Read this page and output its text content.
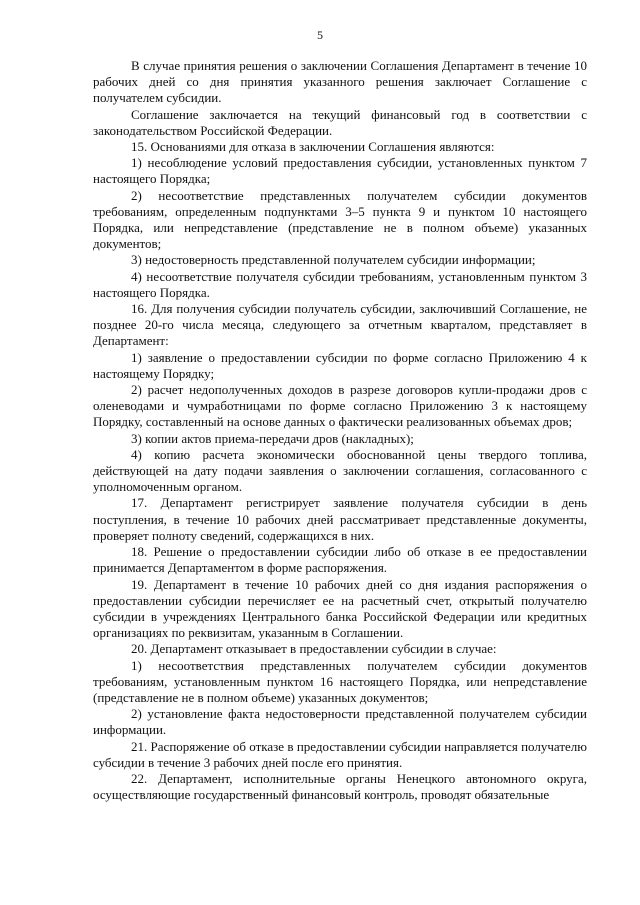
5

В случае принятия решения о заключении Соглашения Департамент в течение 10 рабочих дней со дня принятия указанного решения заключает Соглашение с получателем субсидии.

Соглашение заключается на текущий финансовый год в соответствии с законодательством Российской Федерации.

15. Основаниями для отказа в заключении Соглашения являются:

1) несоблюдение условий предоставления субсидии, установленных пунктом 7 настоящего Порядка;

2) несоответствие представленных получателем субсидии документов требованиям, определенным подпунктами 3–5 пункта 9 и пунктом 10 настоящего Порядка, или непредставление (представление не в полном объеме) указанных документов;

3) недостоверность представленной получателем субсидии информации;

4) несоответствие получателя субсидии требованиям, установленным пунктом 3 настоящего Порядка.

16. Для получения субсидии получатель субсидии, заключивший Соглашение, не позднее 20-го числа месяца, следующего за отчетным кварталом, представляет в Департамент:

1) заявление о предоставлении субсидии по форме согласно Приложению 4 к настоящему Порядку;

2) расчет недополученных доходов в разрезе договоров купли-продажи дров с оленеводами и чумработницами по форме согласно Приложению 3 к настоящему Порядку, составленный на основе данных о фактически реализованных объемах дров;

3) копии актов приема-передачи дров (накладных);

4) копию расчета экономически обоснованной цены твердого топлива, действующей на дату подачи заявления о заключении соглашения, согласованного с уполномоченным органом.

17. Департамент регистрирует заявление получателя субсидии в день поступления, в течение 10 рабочих дней рассматривает представленные документы, проверяет полноту сведений, содержащихся в них.

18. Решение о предоставлении субсидии либо об отказе в ее предоставлении принимается Департаментом в форме распоряжения.

19. Департамент в течение 10 рабочих дней со дня издания распоряжения о предоставлении субсидии перечисляет ее на расчетный счет, открытый получателю субсидии в учреждениях Центрального банка Российской Федерации или кредитных организациях по реквизитам, указанным в Соглашении.

20. Департамент отказывает в предоставлении субсидии в случае:

1) несоответствия представленных получателем субсидии документов требованиям, установленным пунктом 16 настоящего Порядка, или непредставление (представление не в полном объеме) указанных документов;

2) установление факта недостоверности представленной получателем субсидии информации.

21. Распоряжение об отказе в предоставлении субсидии направляется получателю субсидии в течение 3 рабочих дней после его принятия.

22. Департамент, исполнительные органы Ненецкого автономного округа, осуществляющие государственный финансовый контроль, проводят обязательные
